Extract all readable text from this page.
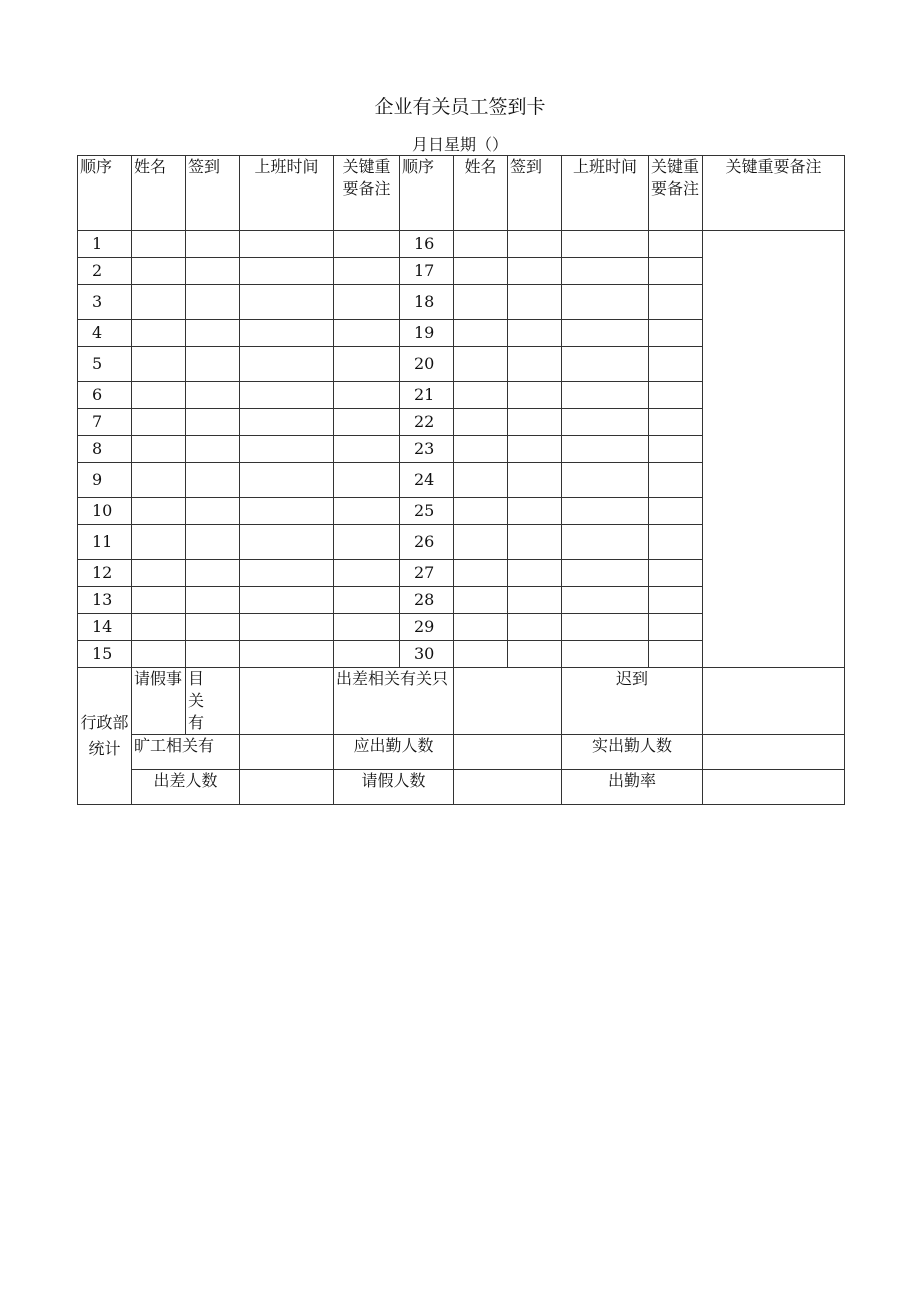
企业有关员工签到卡
月日星期（）
顺序	姓名	签到	上班时间	关键重要备注	顺序	姓名	签到	上班时间	关键重要备注	关键重要备注
1					16					
2					17					
3					18					
4					19					
5					20					
6					21					
7					22					
8					23					
9					24					
10					25					
11					26					
12					27					
13					28					
14					29					
15					30					
行政部统计	请假事	目关有		出差相关有关只				迟到		
	旷工相关有			应出勤人数				实出勤人数		
	出差人数			请假人数				出勤率		
